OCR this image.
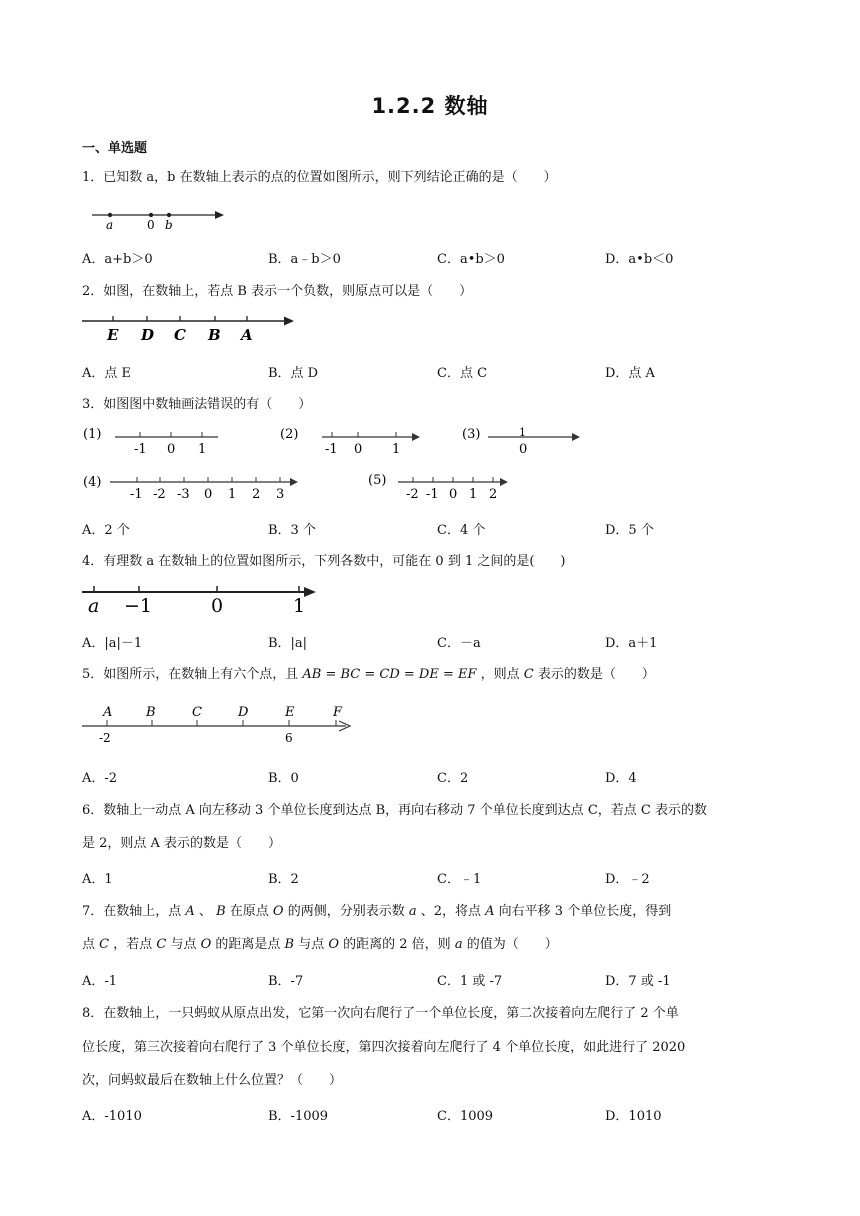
1.2.2 数轴
一、单选题
1．已知数 a，b 在数轴上表示的点的位置如图所示，则下列结论正确的是（　　）
a	0 b
A．a+b＞0	B．a﹣b＞0	C．a•b＞0	D．a•b＜0
2．如图，在数轴上，若点 B 表示一个负数，则原点可以是（　　）
E D C B A
A．点 E	B．点 D	C．点 C	D．点 A
3．如图图中数轴画法错误的有（　　）
(1)
-1 0 1
(2)
-1 0 1
(3)	1
0
(4)
-1 -2 -3 0 1 2 3
(5)
-2 -1 0 1 2
A．2 个	B．3 个	C．4 个	D．5 个
4．有理数 a 在数轴上的位置如图所示，下列各数中，可能在 0 到 1 之间的是(　　)
a −1	0	1
A．|a|－1	B．|a|	C．－a	D．a＋1
5．如图所示，在数轴上有六个点，且 AB = BC = CD = DE = EF ，则点 C 表示的数是（　　）
A	B	C	D	E	F
-2	6
A．-2	B．0	C．2	D．4
6．数轴上一动点 A 向左移动 3 个单位长度到达点 B，再向右移动 7 个单位长度到达点 C，若点 C 表示的数
是 2，则点 A 表示的数是（　　）
A．1	B．2	C．﹣1	D．﹣2
7．在数轴上，点 A 、 B 在原点 O 的两侧，分别表示数 a 、2，将点 A 向右平移 3 个单位长度，得到
点 C ，若点 C 与点 O 的距离是点 B 与点 O 的距离的 2 倍，则 a 的值为（　　）
A．-1	B．-7	C．1 或 -7	D．7 或 -1
8．在数轴上，一只蚂蚁从原点出发，它第一次向右爬行了一个单位长度，第二次接着向左爬行了 2 个单
位长度，第三次接着向右爬行了 3 个单位长度，第四次接着向左爬行了 4 个单位长度，如此进行了 2020
次，问蚂蚁最后在数轴上什么位置？（　　）
A．-1010	B．-1009	C．1009	D．1010
